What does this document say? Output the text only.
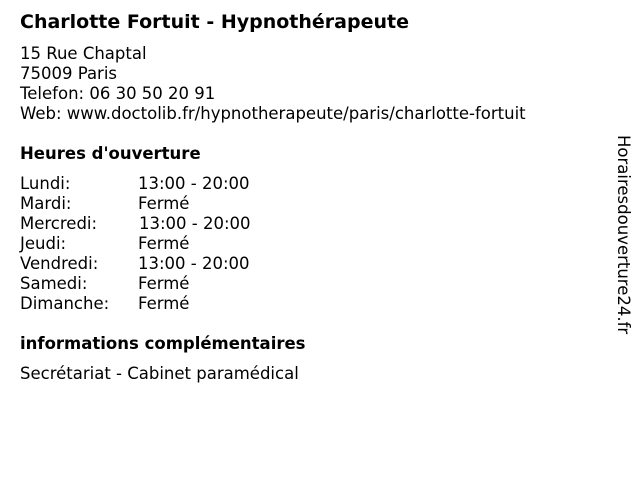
Charlotte Fortuit - Hypnothérapeute
15 Rue Chaptal
75009 Paris
Telefon: 06 30 50 20 91
Web: www.doctolib.fr/hypnotherapeute/paris/charlotte-fortuit
Heures d'ouverture
Lundi:	13:00 - 20:00
Mardi:	Fermé
Mercredi:	13:00 - 20:00
Jeudi:	Fermé
Vendredi: 13:00 - 20:00
Samedi:	Fermé
Dimanche: Fermé
informations complémentaires
Secrétariat - Cabinet paramédical
Horairesdouverture24.fr
